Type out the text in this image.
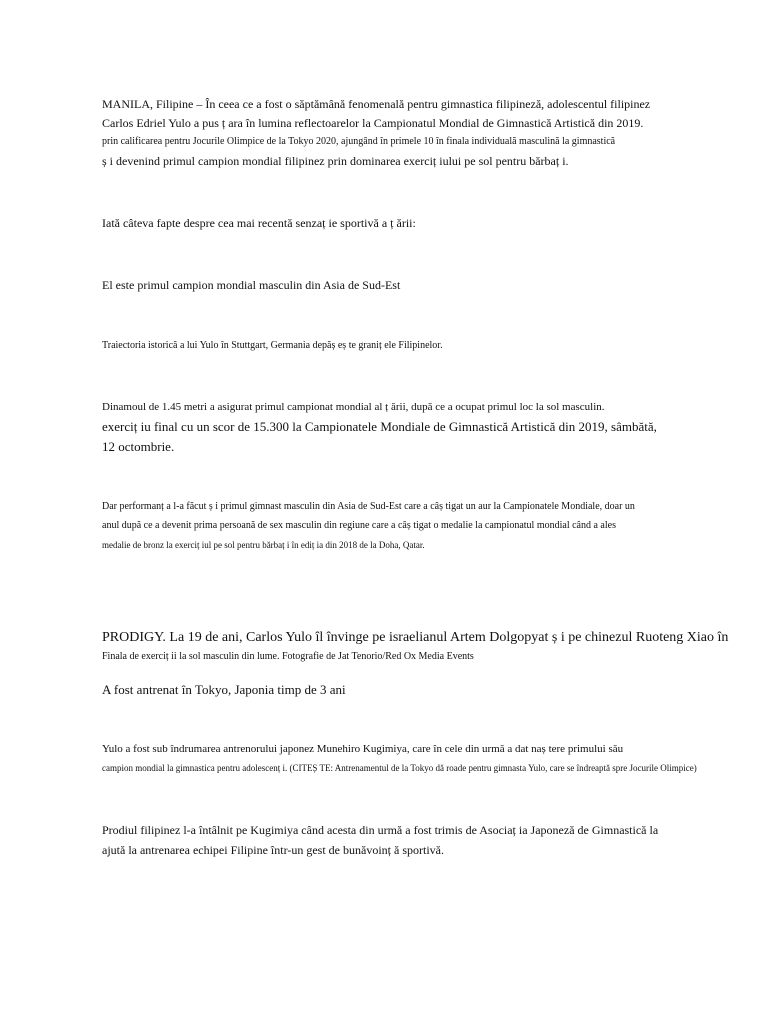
MANILA, Filipine – În ceea ce a fost o săptămână fenomenală pentru gimnastica filipineză, adolescentul filipinez
Carlos Edriel Yulo a pus ț ara în lumina reflectoarelor la Campionatul Mondial de Gimnastică Artistică din 2019.
prin calificarea pentru Jocurile Olimpice de la Tokyo 2020, ajungând în primele 10 în finala individuală masculină la gimnastică
ș i devenind primul campion mondial filipinez prin dominarea exerciț iului pe sol pentru bărbaț i.
Iată câteva fapte despre cea mai recentă senzaț ie sportivă a ț ării:
El este primul campion mondial masculin din Asia de Sud-Est
Traiectoria istorică a lui Yulo în Stuttgart, Germania depăș eș te graniț ele Filipinelor.
Dinamoul de 1.45 metri a asigurat primul campionat mondial al ț ării, după ce a ocupat primul loc la sol masculin.
exerciț iu final cu un scor de 15.300 la Campionatele Mondiale de Gimnastică Artistică din 2019, sâmbătă,
12 octombrie.
Dar performanț a l-a făcut ș i primul gimnast masculin din Asia de Sud-Est care a câș tigat un aur la Campionatele Mondiale, doar un
anul după ce a devenit prima persoană de sex masculin din regiune care a câș tigat o medalie la campionatul mondial când a ales
medalie de bronz la exerciț iul pe sol pentru bărbaț i în ediț ia din 2018 de la Doha, Qatar.
PRODIGY. La 19 de ani, Carlos Yulo îl învinge pe israelianul Artem Dolgopyat ș i pe chinezul Ruoteng Xiao în
Finala de exerciț ii la sol masculin din lume. Fotografie de Jat Tenorio/Red Ox Media Events
A fost antrenat în Tokyo, Japonia timp de 3 ani
Yulo a fost sub îndrumarea antrenorului japonez Munehiro Kugimiya, care în cele din urmă a dat naș tere primului său
campion mondial la gimnastica pentru adolescenț i. (CITEȘ TE: Antrenamentul de la Tokyo dă roade pentru gimnasta Yulo, care se îndreaptă spre Jocurile Olimpice)
Prodiul filipinez l-a întâlnit pe Kugimiya când acesta din urmă a fost trimis de Asociaț ia Japoneză de Gimnastică la
ajută la antrenarea echipei Filipine într-un gest de bunăvoinț ă sportivă.
